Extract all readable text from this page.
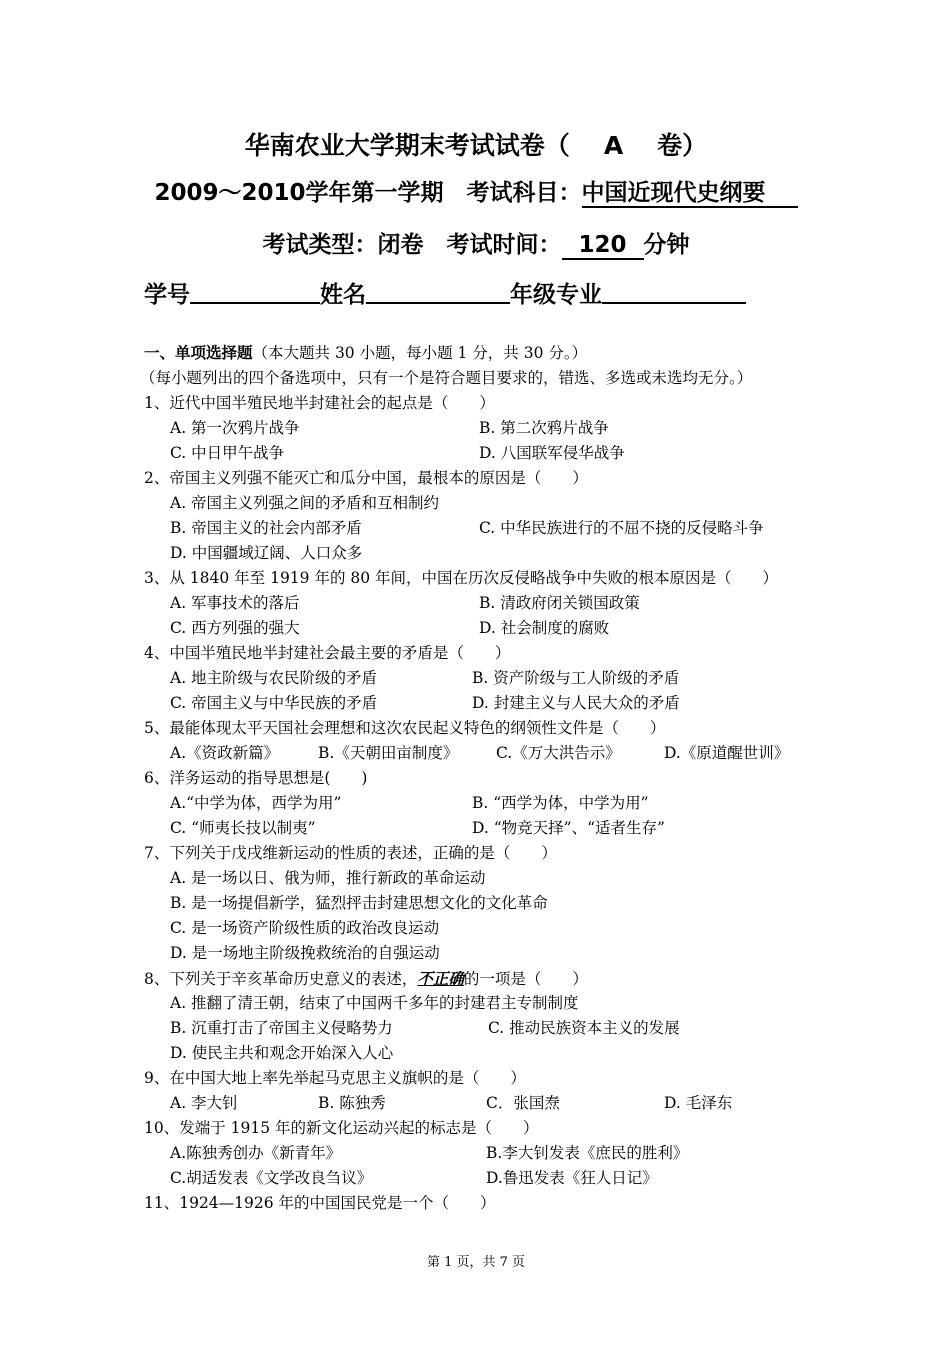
华南农业大学期末考试试卷（ A 卷）
2009～2010学年第一学期　 考试科目：中国近现代史纲要
考试类型：闭卷　 考试时间： 120 分钟
学号	姓名	年级专业
一、单项选择题（本大题共 30 小题，每小题 1 分，共 30 分。）
（每小题列出的四个备选项中，只有一个是符合题目要求的，错选、多选或未选均无分。）
1、近代中国半殖民地半封建社会的起点是（　　）
A. 第一次鸦片战争	B. 第二次鸦片战争
C. 中日甲午战争	D. 八国联军侵华战争
2、帝国主义列强不能灭亡和瓜分中国，最根本的原因是（　　）
A. 帝国主义列强之间的矛盾和互相制约
B. 帝国主义的社会内部矛盾	C. 中华民族进行的不屈不挠的反侵略斗争
D. 中国疆域辽阔、人口众多
3、从 1840 年至 1919 年的 80 年间，中国在历次反侵略战争中失败的根本原因是（　　）
A. 军事技术的落后	B. 清政府闭关锁国政策
C. 西方列强的强大	D. 社会制度的腐败
4、中国半殖民地半封建社会最主要的矛盾是（　　）
A. 地主阶级与农民阶级的矛盾	B. 资产阶级与工人阶级的矛盾
C. 帝国主义与中华民族的矛盾	D. 封建主义与人民大众的矛盾
5、最能体现太平天国社会理想和这次农民起义特色的纲领性文件是（　　）
A.《资政新篇》	B.《天朝田亩制度》 C.《万大洪告示》	D.《原道醒世训》
6、洋务运动的指导思想是(　　)
A.“中学为体，西学为用”	B. “西学为体，中学为用”
C. “师夷长技以制夷”	D. “物竞天择”、“适者生存”
7、下列关于戊戌维新运动的性质的表述，正确的是（　　）
A. 是一场以日、俄为师，推行新政的革命运动
B. 是一场提倡新学，猛烈抨击封建思想文化的文化革命
C. 是一场资产阶级性质的政治改良运动
D. 是一场地主阶级挽救统治的自强运动
8、下列关于辛亥革命历史意义的表述，不正确的一项是（　　）
A. 推翻了清王朝，结束了中国两千多年的封建君主专制制度
B. 沉重打击了帝国主义侵略势力	C. 推动民族资本主义的发展
D. 使民主共和观念开始深入人心
9、在中国大地上率先举起马克思主义旗帜的是（　　）
A. 李大钊	B. 陈独秀	C．张国焘	D. 毛泽东
10、发端于 1915 年的新文化运动兴起的标志是（　　）
A.陈独秀创办《新青年》	B.李大钊发表《庶民的胜利》
C.胡适发表《文学改良刍议》	D.鲁迅发表《狂人日记》
11、1924—1926 年的中国国民党是一个（　　）
第 1 页，共 7 页
